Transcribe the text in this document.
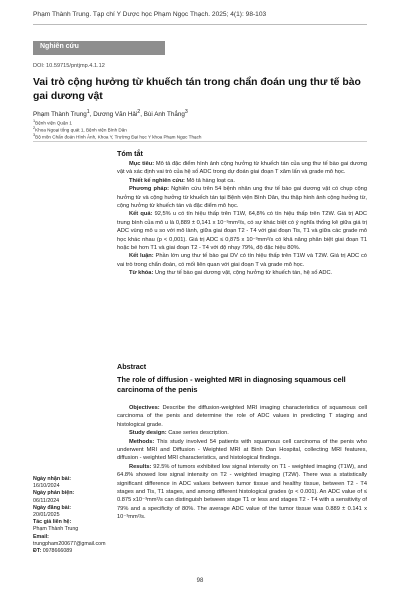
Phạm Thành Trung. Tạp chí Y Dược học Phạm Ngọc Thạch. 2025; 4(1): 98-103
Nghiên cứu
DOI: 10.59715/pntjmp.4.1.12
Vai trò cộng hưởng từ khuếch tán trong chẩn đoán ung thư tế bào gai dương vật
Phạm Thành Trung$^1$, Dương Văn Hải$^2$, Bùi Anh Thắng$^3$
$^1$Bệnh viện Quận 1
$^2$Khoa Ngoại tổng quát 1, Bệnh viện Bình Dân
$^3$Bộ môn Chẩn đoán Hình Ảnh, Khoa Y, Trường Đại học Y khoa Phạm Ngọc Thạch
Tóm tắt
Mục tiêu: Mô tả đặc điểm hình ảnh cộng hưởng từ khuếch tán của ung thư tế bào gai dương vật và xác định vai trò của hệ số ADC trong dự đoán giai đoạn T xâm lấn và grade mô học.
Thiết kế nghiên cứu: Mô tả hàng loạt ca.
Phương pháp: Nghiên cứu trên 54 bệnh nhân ung thư tế bào gai dương vật có chụp cộng hưởng từ và cộng hưởng từ khuếch tán tại Bệnh viện Bình Dân, thu thập hình ảnh cộng hưởng từ, cộng hưởng từ khuếch tán và đặc điểm mô học.
Kết quả: 92,5% u có tín hiệu thấp trên T1W, 64,8% có tín hiệu thấp trên T2W. Giá trị ADC trung bình của mô u là 0,889 ± 0,141 x 10⁻³mm²/s, có sự khác biệt có ý nghĩa thống kê giữa giá trị ADC vùng mô u so với mô lành, giữa giai đoạn T2 - T4 với giai đoạn Tis, T1 và giữa các grade mô học khác nhau (p < 0,001). Giá trị ADC ≤ 0,875 x 10⁻³mm²/s có khả năng phân biệt giai đoạn T1 hoặc bé hơn T1 và giai đoạn T2 - T4 với độ nhạy 79%, độ đặc hiệu 80%.
Kết luận: Phần lớn ung thư tế bào gai DV có tín hiệu thấp trên T1W và T2W. Giá trị ADC có vai trò trong chẩn đoán, có mối liên quan với giai đoạn T và grade mô học.
Từ khóa: Ung thư tế bào gai dương vật, cộng hưởng từ khuếch tán, hệ số ADC.
Abstract
The role of diffusion - weighted MRI in diagnosing squamous cell carcinoma of the penis
Objectives: Describe the diffusion-weighted MRI imaging characteristics of squamous cell carcinoma of the penis and determine the role of ADC values in predicting T staging and histological grade.
Study design: Case series description.
Methods: This study involved 54 patients with squamous cell carcinoma of the penis who underwent MRI and Diffusion - Weighted MRI at Binh Dan Hospital, collecting MRI features, diffusion - weighted MRI characteristics, and histological findings.
Results: 92.5% of tumors exhibited low signal intensity on T1 - weighted imaging (T1W), and 64.8% showed low signal intensity on T2 - weighted imaging (T2W). There was a statistically significant difference in ADC values between tumor tissue and healthy tissue, between T2 - T4 stages and Tis, T1 stages, and among different histological grades (p < 0.001). An ADC value of ≤ 0.875 x10⁻³mm²/s can distinguish between stage T1 or less and stages T2 - T4 with a sensitivity of 79% and a specificity of 80%. The average ADC value of the tumor tissue was 0.889 ± 0.141 x 10⁻³mm²/s.
Ngày nhận bài:
16/10/2024
Ngày phản biện:
06/11/2024
Ngày đăng bài:
20/01/2025
Tác giả liên hệ:
Phạm Thành Trung
Email: trungpham200677@gmail.com
ĐT: 0978666089
98
